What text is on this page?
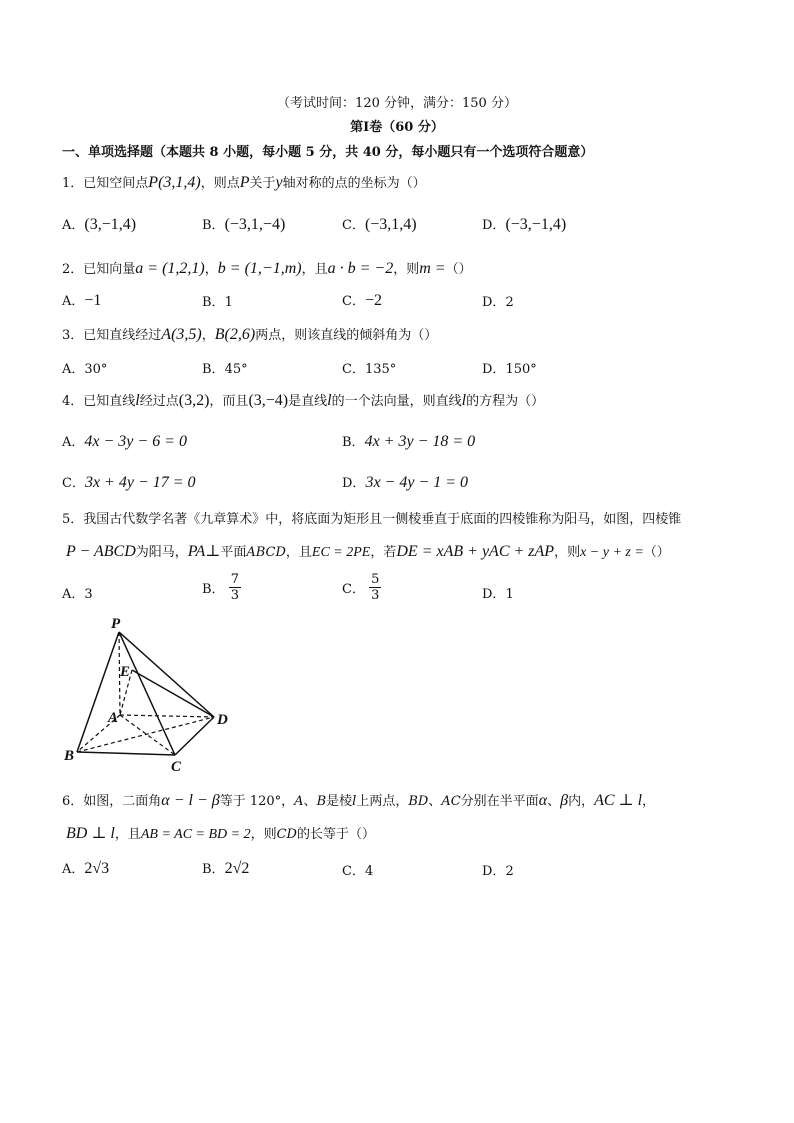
（考试时间：120 分钟，满分：150 分）
第Ⅰ卷（60 分）
一、单项选择题（本题共 8 小题，每小题 5 分，共 40 分，每小题只有一个选项符合题意）
1．已知空间点P(3,1,4)，则点P关于y轴对称的点的坐标为（）
A．(3,−1,4)	B．(−3,1,−4)	C．(−3,1,4)	D．(−3,−1,4)
2．已知向量a = (1,2,1)，b = (1,−1,m)，且a · b = −2，则m =（）
A．−1	B．1	C．−2	D．2
3．已知直线经过A(3,5)，B(2,6)两点，则该直线的倾斜角为（）
A．30°	B．45°	C．135°	D．150°
4．已知直线l经过点(3,2)，而且(3,−4)是直线l的一个法向量，则直线l的方程为（）
A．4x − 3y − 6 = 0	B．4x + 3y − 18 = 0
C．3x + 4y − 17 = 0	D．3x − 4y − 1 = 0
5．我国古代数学名著《九章算术》中，将底面为矩形且一侧棱垂直于底面的四棱锥称为阳马，如图，四棱锥
P − ABCD为阳马，PA⊥平面ABCD，且EC = 2PE，若DE = xAB + yAC + zAP，则x − y + z =（）
A．3	B． $\frac{7}{3}$	C． $\frac{5}{3}$	D．1
P
E
A	D
B
C
6．如图，二面角α − l − β等于 120°，A、B是棱l上两点，BD、AC分别在半平面α、β内，AC ⊥ l，
BD ⊥ l，且AB = AC = BD = 2，则CD的长等于（）
A．2√3	B．2√2	C．4	D．2
